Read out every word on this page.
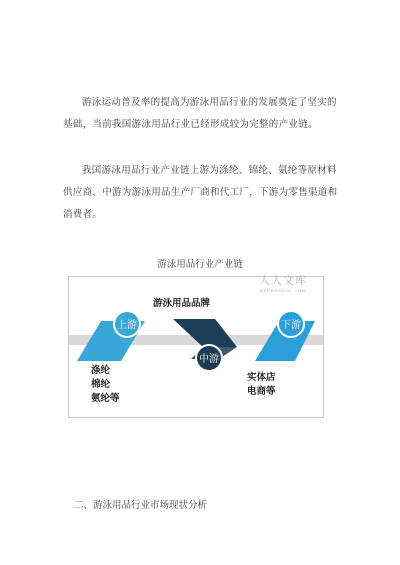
游泳运动普及率的提高为游泳用品行业的发展奠定了坚实的基础，当前我国游泳用品行业已经形成较为完整的产业链。
我国游泳用品行业产业链上游为涤纶、锦纶、氨纶等原材料供应商，中游为游泳用品生产厂商和代工厂，下游为零售渠道和消费者。
游泳用品行业产业链
上游
中游
下游
游泳用品品牌
涤纶
棉纶
氨纶等
实体店
电商等
人人文库
RENRENDOC.COM
二、游泳用品行业市场现状分析
